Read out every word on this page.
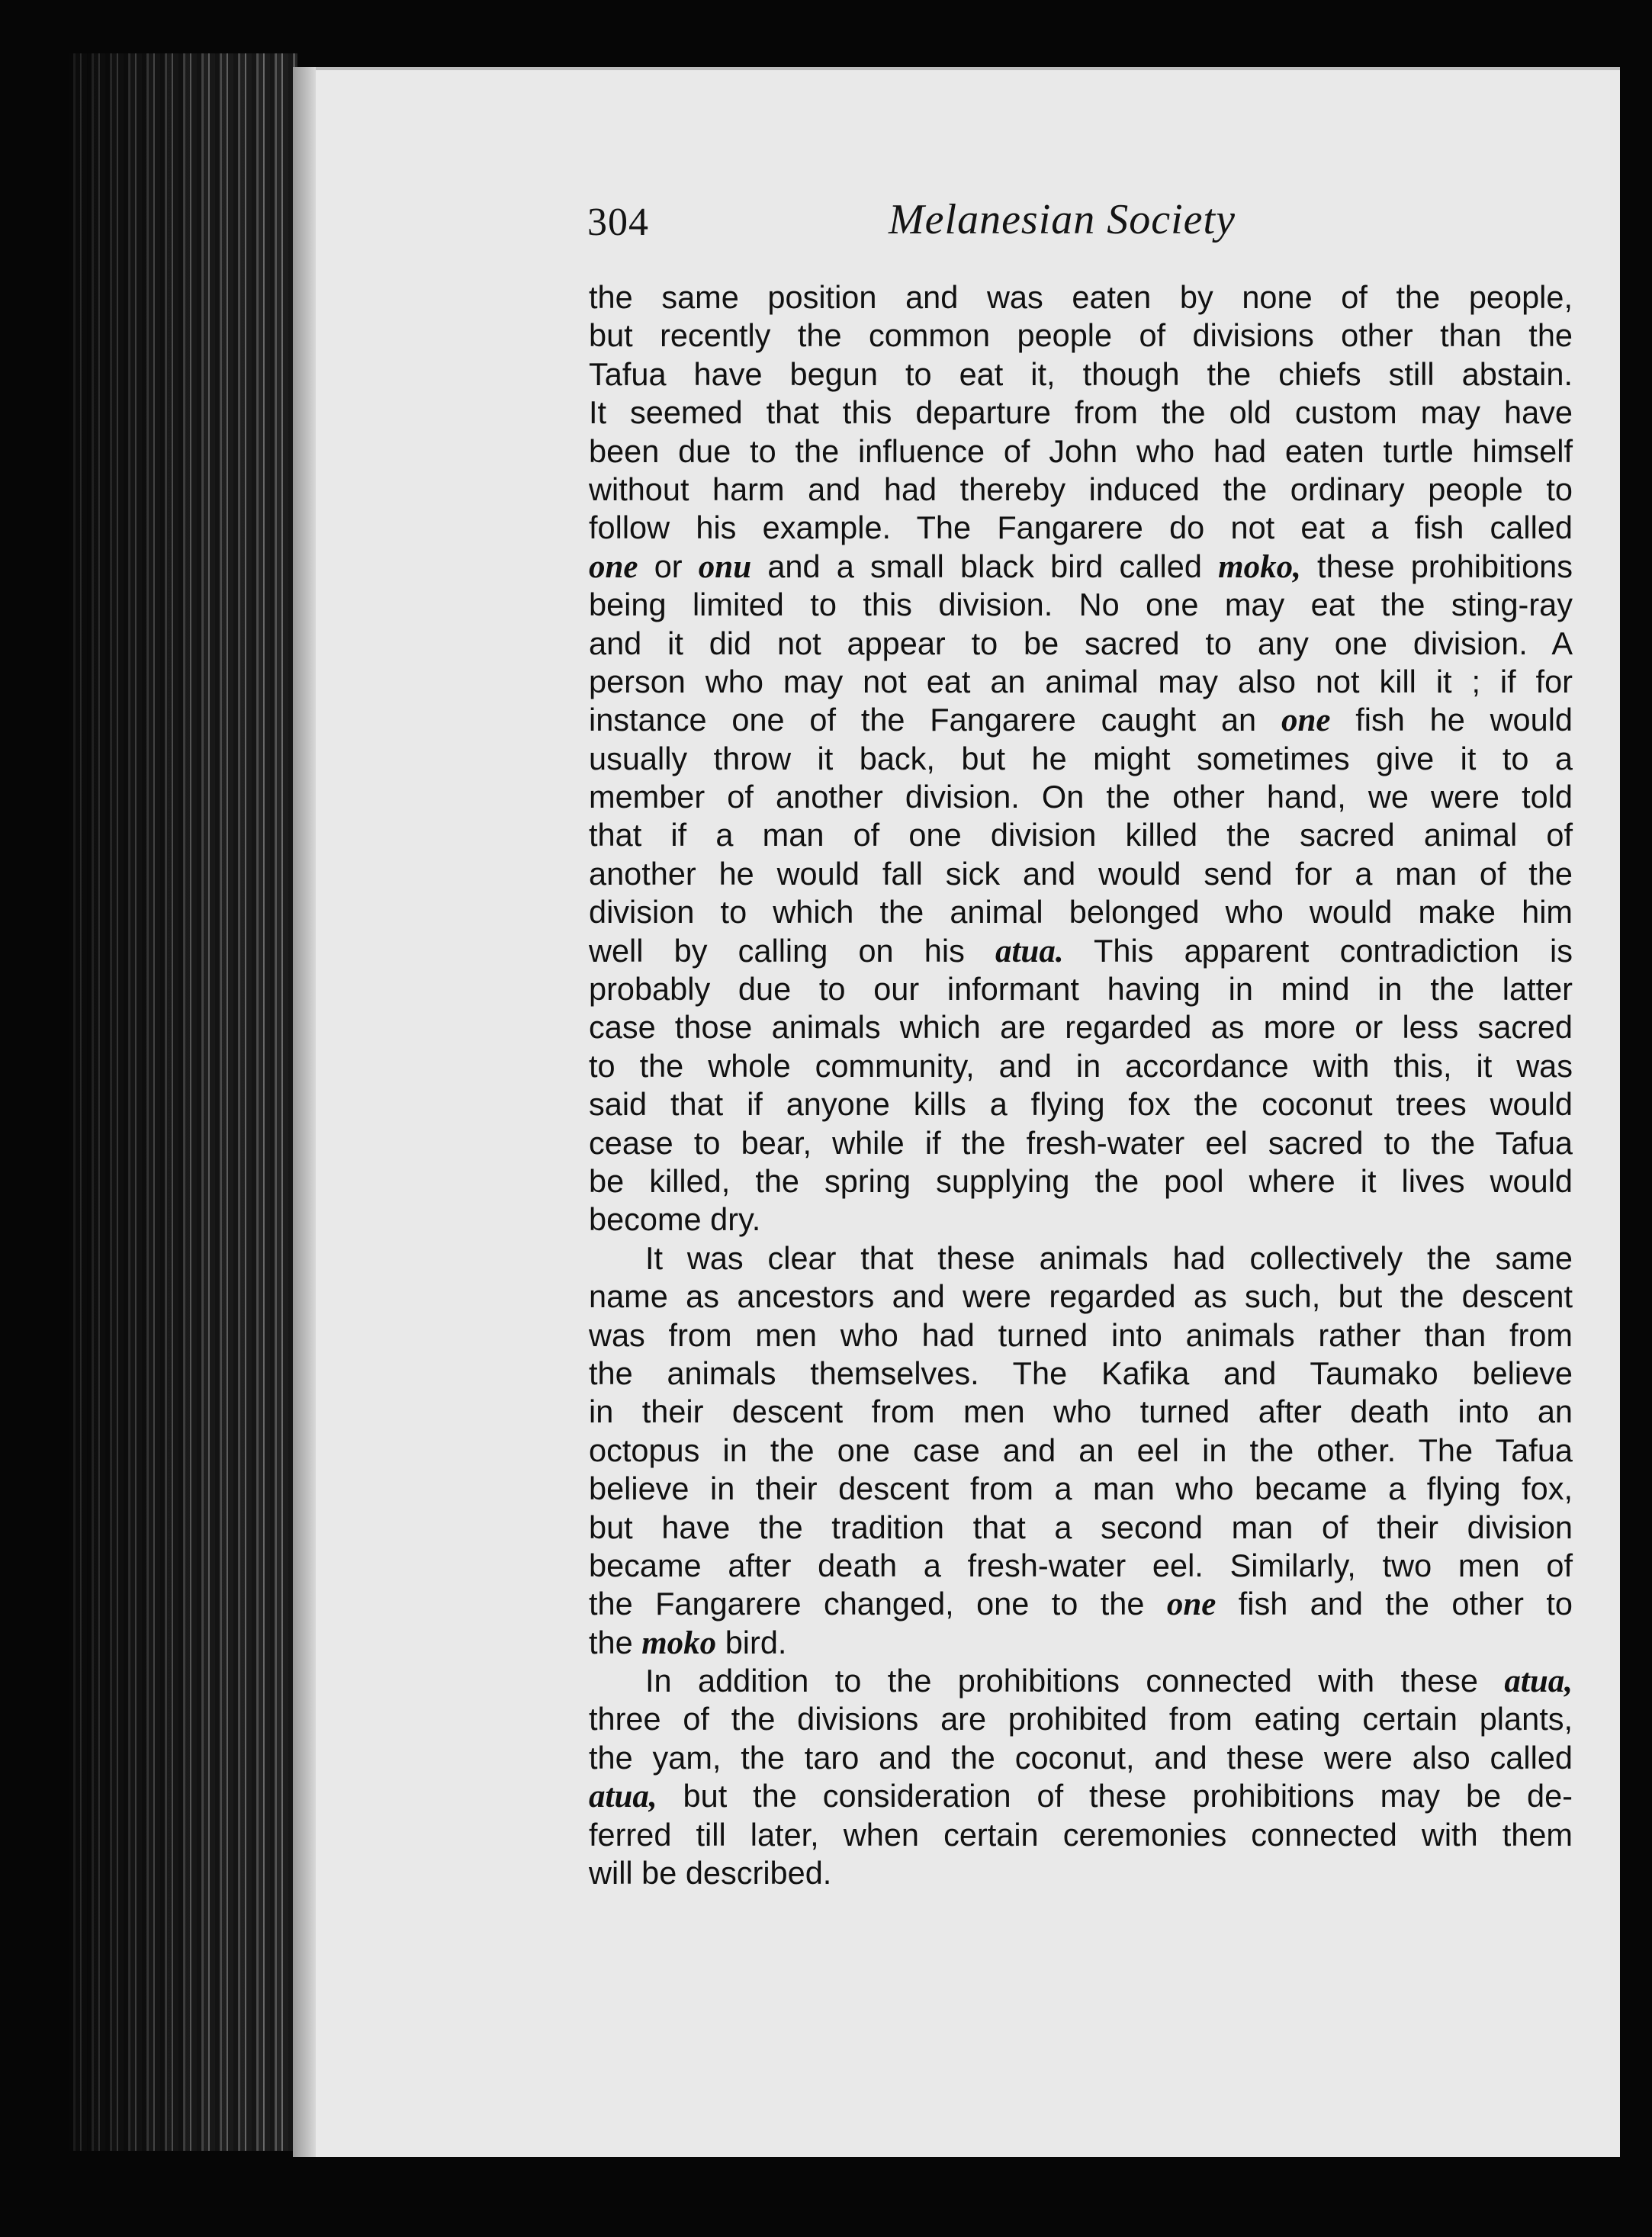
304	Melanesian Society
the same position and was eaten by none of the people,
but recently the common people of divisions other than the
Tafua have begun to eat it, though the chiefs still abstain.
It seemed that this departure from the old custom may have
been due to the influence of John who had eaten turtle himself
without harm and had thereby induced the ordinary people to
follow his example. The Fangarere do not eat a fish called
one or onu and a small black bird called moko, these prohibitions
being limited to this division. No one may eat the sting-ray
and it did not appear to be sacred to any one division. A
person who may not eat an animal may also not kill it ; if for
instance one of the Fangarere caught an one fish he would
usually throw it back, but he might sometimes give it to a
member of another division. On the other hand, we were told
that if a man of one division killed the sacred animal of
another he would fall sick and would send for a man of the
division to which the animal belonged who would make him
well by calling on his atua. This apparent contradiction is
probably due to our informant having in mind in the latter
case those animals which are regarded as more or less sacred
to the whole community, and in accordance with this, it was
said that if anyone kills a flying fox the coconut trees would
cease to bear, while if the fresh-water eel sacred to the Tafua
be killed, the spring supplying the pool where it lives would
become dry.
It was clear that these animals had collectively the same
name as ancestors and were regarded as such, but the descent
was from men who had turned into animals rather than from
the animals themselves. The Kafika and Taumako believe
in their descent from men who turned after death into an
octopus in the one case and an eel in the other. The Tafua
believe in their descent from a man who became a flying fox,
but have the tradition that a second man of their division
became after death a fresh-water eel. Similarly, two men of
the Fangarere changed, one to the one fish and the other to
the moko bird.
In addition to the prohibitions connected with these atua,
three of the divisions are prohibited from eating certain plants,
the yam, the taro and the coconut, and these were also called
atua, but the consideration of these prohibitions may be de-
ferred till later, when certain ceremonies connected with them
will be described.
